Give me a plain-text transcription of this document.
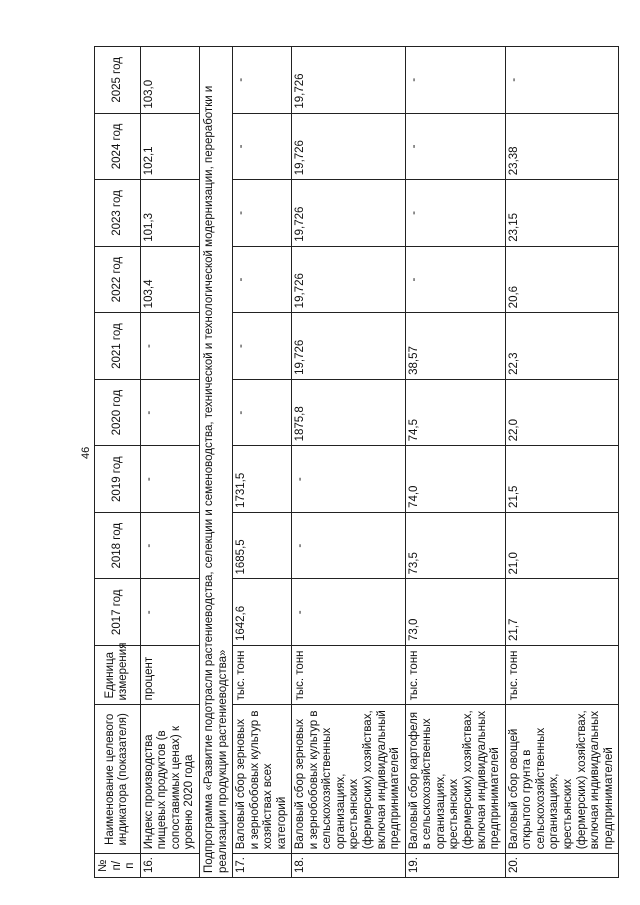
46
№ п/п	Наименование целевого индикатора (показателя)	Единица измерения	2017 год	2018 год	2019 год	2020 год	2021 год	2022 год	2023 год	2024 год	2025 год
16.	Индекс производства пищевых продуктов (в сопоставимых ценах) к уровню 2020 года	процент	-	-	-	-	-	103,4	101,3	102,1	103,0
Подпрограмма «Развитие подотрасли растениеводства, селекции и семеноводства, технической и технологической модернизации, переработки и реализации продукции растениеводства»											
17.	Валовый сбор зерновых и зернобобовых культур в хозяйствах всех категорий	тыс. тонн	1642,6	1685,5	1731,5	-	-	-	-	-	-
18.	Валовый сбор зерновых и зернобобовых культур в сельскохозяйственных организациях, крестьянских (фермерских) хозяйствах, включая индивидуальный предпринимателей	тыс. тонн	-	-	-	1875,8	19,726	19,726	19,726	19,726	19,726
19.	Валовый сбор картофеля в сельскохозяйственных организациях, крестьянских (фермерских) хозяйствах, включая индивидуальных предпринимателей	тыс. тонн	73,0	73,5	74,0	74,5	38,57	-	-	-	-
20.	Валовый сбор овощей открытого грунта в сельскохозяйственных организациях, крестьянских (фермерских) хозяйствах, включая индивидуальных предпринимателей	тыс. тонн	21,7	21,0	21,5	22,0	22,3	20,6	23,15	23,38	-
